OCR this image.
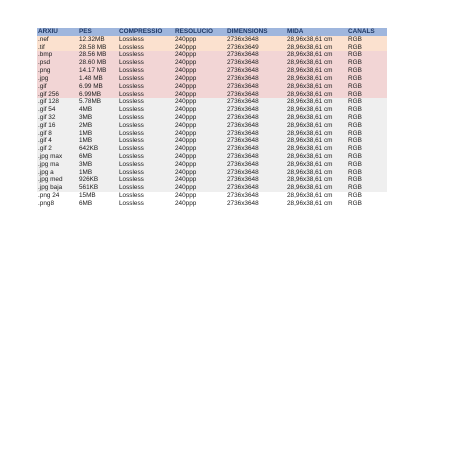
ARXIU	PES	COMPRESSIO	RESOLUCIO	DIMENSIONS	MIDA	CANALS
.nef	12.32MB	Lossless	240ppp	2736x3648	28,96x38,61 cm	RGB
.tif	28.58 MB	Lossless	240ppp	2736x3649	28,96x38,61 cm	RGB
.bmp	28.56 MB	Lossless	240ppp	2736x3648	28,96x38,61 cm	RGB
.psd	28.60 MB	Lossless	240ppp	2736x3648	28,96x38,61 cm	RGB
.png	14.17 MB	Lossless	240ppp	2736x3648	28,96x38,61 cm	RGB
.jpg	1.48 MB	Lossless	240ppp	2736x3648	28,96x38,61 cm	RGB
.gif	6.99 MB	Lossless	240ppp	2736x3648	28,96x38,61 cm	RGB
.gif 256	6.99MB	Lossless	240ppp	2736x3648	28,96x38,61 cm	RGB
.gif 128	5.78MB	Lossless	240ppp	2736x3648	28,96x38,61 cm	RGB
.gif 54	4MB	Lossless	240ppp	2736x3648	28,96x38,61 cm	RGB
.gif 32	3MB	Lossless	240ppp	2736x3648	28,96x38,61 cm	RGB
.gif 16	2MB	Lossless	240ppp	2736x3648	28,96x38,61 cm	RGB
.gif 8	1MB	Lossless	240ppp	2736x3648	28,96x38,61 cm	RGB
.gif 4	1MB	Lossless	240ppp	2736x3648	28,96x38,61 cm	RGB
.gif 2	642KB	Lossless	240ppp	2736x3648	28,96x38,61 cm	RGB
.jpg max	6MB	Lossless	240ppp	2736x3648	28,96x38,61 cm	RGB
.jpg ma	3MB	Lossless	240ppp	2736x3648	28,96x38,61 cm	RGB
.jpg a	1MB	Lossless	240ppp	2736x3648	28,96x38,61 cm	RGB
.jpg med	926KB	Lossless	240ppp	2736x3648	28,96x38,61 cm	RGB
.jpg baja	561KB	Lossless	240ppp	2736x3648	28,96x38,61 cm	RGB
.png 24	15MB	Lossless	240ppp	2736x3648	28,96x38,61 cm	RGB
.png8	6MB	Lossless	240ppp	2736x3648	28,96x38,61 cm	RGB
